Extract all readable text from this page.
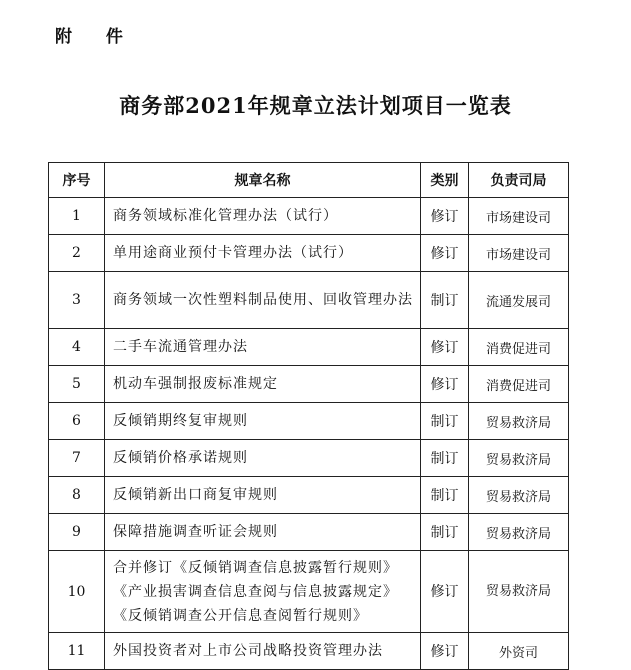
附 件
商务部2021年规章立法计划项目一览表
序号	规章名称	类别	负责司局
1	商务领域标准化管理办法（试行）	修订	市场建设司
2	单用途商业预付卡管理办法（试行）	修订	市场建设司
3	商务领域一次性塑料制品使用、回收管理办法	制订	流通发展司
4	二手车流通管理办法	修订	消费促进司
5	机动车强制报废标准规定	修订	消费促进司
6	反倾销期终复审规则	制订	贸易救济局
7	反倾销价格承诺规则	制订	贸易救济局
8	反倾销新出口商复审规则	制订	贸易救济局
9	保障措施调查听证会规则	制订	贸易救济局
10	合并修订《反倾销调查信息披露暂行规则》《产业损害调查信息查阅与信息披露规定》《反倾销调查公开信息查阅暂行规则》	修订	贸易救济局
11	外国投资者对上市公司战略投资管理办法	修订	外资司
